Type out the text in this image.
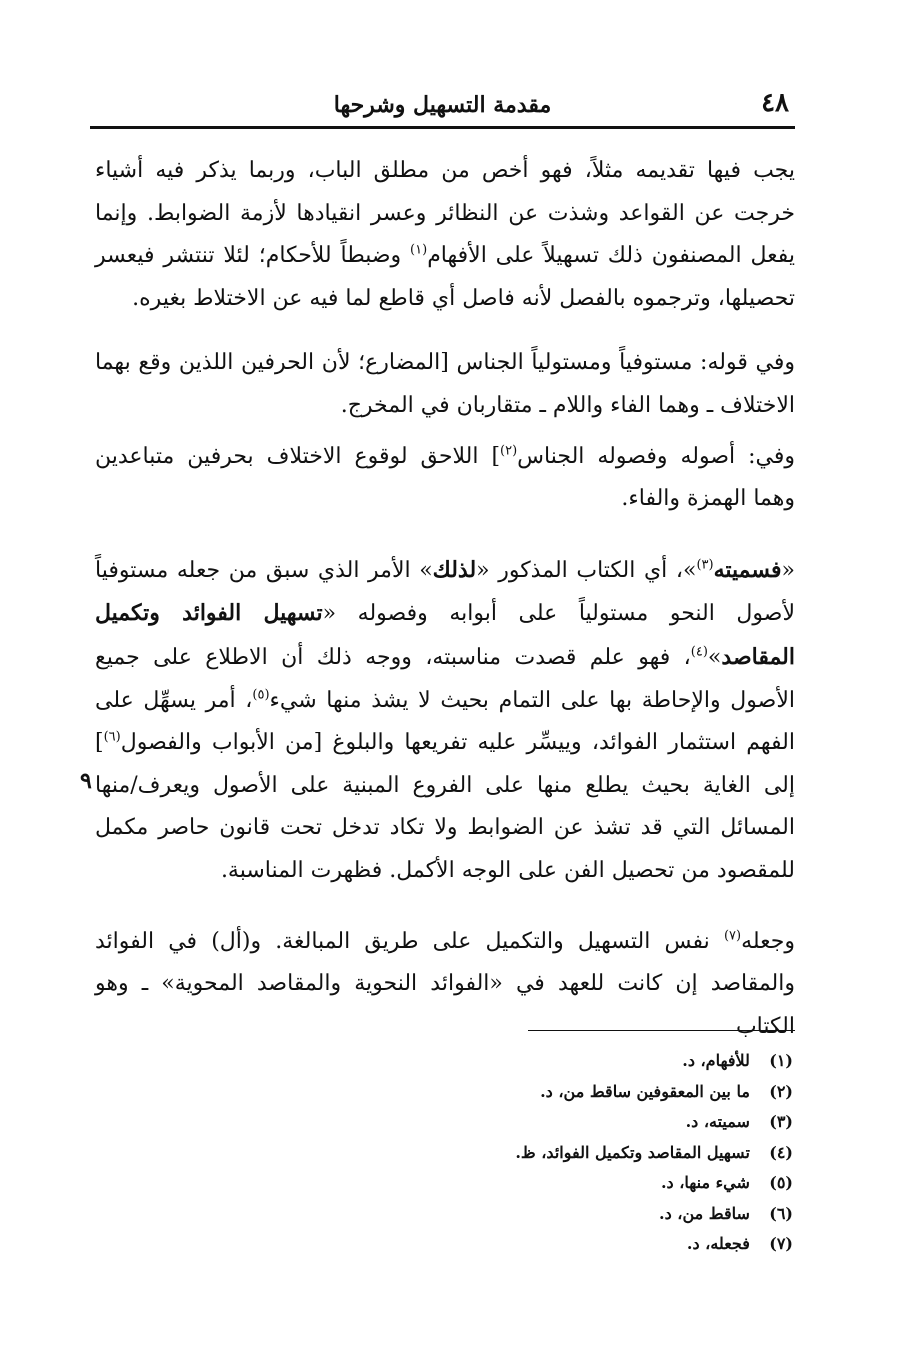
٤٨
مقدمة التسهيل وشرحها

يجب فيها تقديمه مثلاً، فهو أخص من مطلق الباب، وربما يذكر فيه أشياء خرجت عن القواعد وشذت عن النظائر وعسر انقيادها لأزمة الضوابط. وإنما يفعل المصنفون ذلك تسهيلاً على الأفهام$^{(١)}$ وضبطاً للأحكام؛ لئلا تنتشر فيعسر تحصيلها، وترجموه بالفصل لأنه فاصل أي قاطع لما فيه عن الاختلاط بغيره.

وفي قوله: مستوفياً ومستولياً الجناس [المضارع؛ لأن الحرفين اللذين وقع بهما الاختلاف ـ وهما الفاء واللام ـ متقاربان في المخرج.

وفي: أصوله وفصوله الجناس$^{(٢)}$] اللاحق لوقوع الاختلاف بحرفين متباعدين وهما الهمزة والفاء.

«فسميته$^{(٣)}$»، أي الكتاب المذكور «لذلك» الأمر الذي سبق من جعله مستوفياً لأصول النحو مستولياً على أبوابه وفصوله «تسهيل الفوائد وتكميل المقاصد»$^{(٤)}$، فهو علم قصدت مناسبته، ووجه ذلك أن الاطلاع على جميع الأصول والإحاطة بها على التمام بحيث لا يشذ منها شيء$^{(٥)}$، أمر يسهِّل على الفهم استثمار الفوائد، وييسِّر عليه تفريعها والبلوغ [من الأبواب والفصول$^{(٦)}$] إلى الغاية بحيث يطلع منها على الفروع المبنية على الأصول ويعرف/منها المسائل التي قد تشذ عن الضوابط ولا تكاد تدخل تحت قانون حاصر مكمل للمقصود من تحصيل الفن على الوجه الأكمل. فظهرت المناسبة.

وجعله$^{(٧)}$ نفس التسهيل والتكميل على طريق المبالغة. و(أل) في الفوائد والمقاصد إن كانت للعهد في «الفوائد النحوية والمقاصد المحوية» ـ وهو الكتاب

٩
(١) للأفهام، د.
(٢) ما بين المعقوفين ساقط من، د.
(٣) سميته، د.
(٤) تسهيل المقاصد وتكميل الفوائد، ظ.
(٥) شيء منها، د.
(٦) ساقط من، د.
(٧) فجعله، د.
